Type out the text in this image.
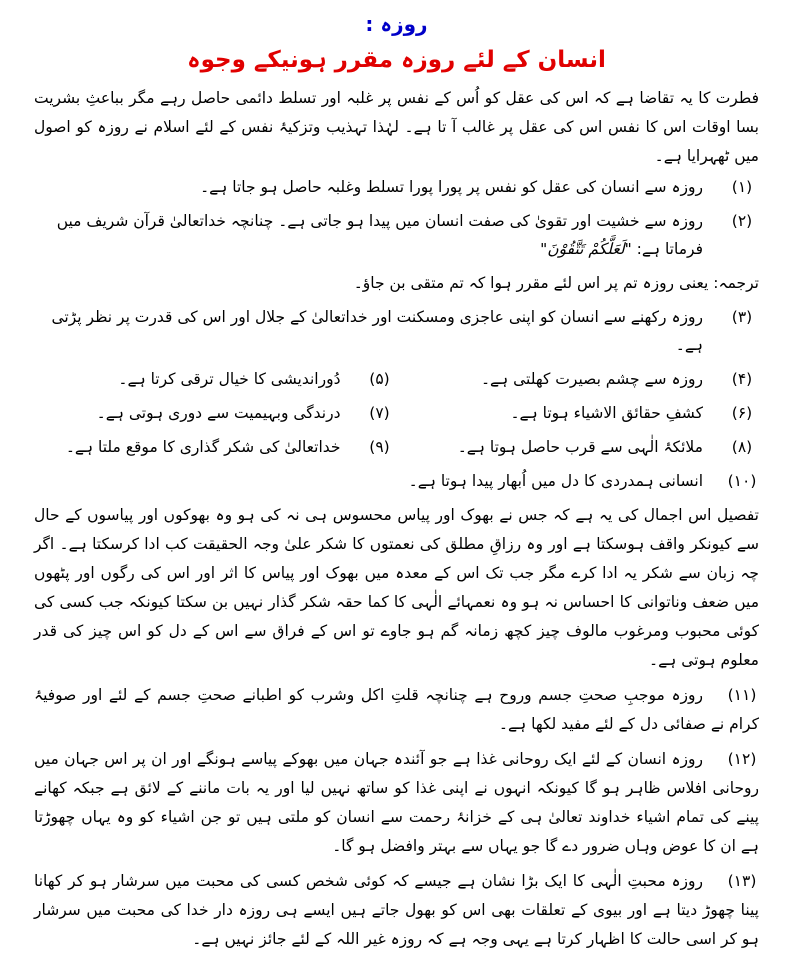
روزہ :
انسان کے لئے روزہ مقرر ہونیکے وجوہ

فطرت کا یہ تقاضا ہے کہ اس کی عقل کو اُس کے نفس پر غلبہ اور تسلط دائمی حاصل رہے مگر بباعثِ بشریت بسا اوقات اس کا نفس اس کی عقل پر غالب آ تا ہے۔ لہٰذا تہذیب وتزکیۂ نفس کے لئے اسلام نے روزہ کو اصول میں ٹھہرایا ہے۔

(۱)
روزہ سے انسان کی عقل کو نفس پر پورا پورا تسلط وغلبہ حاصل ہو جاتا ہے۔
(۲)
روزہ سے خشیت اور تقویٰ کی صفت انسان میں پیدا ہو جاتی ہے۔ چنانچہ خداتعالیٰ قرآن شریف میں فرماتا ہے: "لَعَلَّكُمْ تَتَّقُوْنَ"
ترجمہ: یعنی روزہ تم پر اس لئے مقرر ہوا کہ تم متقی بن جاؤ۔
(۳)
روزہ رکھنے سے انسان کو اپنی عاجزی ومسکنت اور خداتعالیٰ کے جلال اور اس کی قدرت پر نظر پڑتی ہے۔
(۴)
روزہ سے چشم بصیرت کھلتی ہے۔
(۵)
دُوراندیشی کا خیال ترقی کرتا ہے۔
(۶)
کشفِ حقائق الاشیاء ہوتا ہے۔
(۷)
درندگی وبہیمیت سے دوری ہوتی ہے۔
(۸)
ملائکۂ الٰہی سے قرب حاصل ہوتا ہے۔
(۹)
خداتعالیٰ کی شکر گذاری کا موقع ملتا ہے۔
(۱۰)
انسانی ہمدردی کا دل میں اُبھار پیدا ہوتا ہے۔

تفصیل اس اجمال کی یہ ہے کہ جس نے بھوک اور پیاس محسوس ہی نہ کی ہو وہ بھوکوں اور پیاسوں کے حال سے کیونکر واقف ہوسکتا ہے اور وہ رزاقِ مطلق کی نعمتوں کا شکر علیٰ وجہ الحقیقت کب ادا کرسکتا ہے۔ اگر چہ زبان سے شکر یہ ادا کرے مگر جب تک اس کے معدہ میں بھوک اور پیاس کا اثر اور اس کی رگوں اور پٹھوں میں ضعف وناتوانی کا احساس نہ ہو وہ نعمہائے الٰہی کا کما حقہ شکر گذار نہیں بن سکتا کیونکہ جب کسی کی کوئی محبوب ومرغوب مالوف چیز کچھ زمانہ گم ہو جاوے تو اس کے فراق سے اس کے دل کو اس چیز کی قدر معلوم ہوتی ہے۔

(۱۱)روزہ موجبِ صحتِ جسم وروح ہے چنانچہ قلتِ اکل وشرب کو اطبانے صحتِ جسم کے لئے اور صوفیۂ کرام نے صفائی دل کے لئے مفید لکھا ہے۔

(۱۲)روزہ انسان کے لئے ایک روحانی غذا ہے جو آئندہ جہان میں بھوکے پیاسے ہونگے اور ان پر اس جہان میں روحانی افلاس ظاہر ہو گا کیونکہ انہوں نے اپنی غذا کو ساتھ نہیں لیا اور یہ بات ماننے کے لائق ہے جبکہ کھانے پینے کی تمام اشیاء خداوند تعالیٰ ہی کے خزانۂ رحمت سے انسان کو ملتی ہیں تو جن اشیاء کو وہ یہاں چھوڑتا ہے ان کا عوض وہاں ضرور دے گا جو یہاں سے بہتر وافضل ہو گا۔

(۱۳)روزہ محبتِ الٰہی کا ایک بڑا نشان ہے جیسے کہ کوئی شخص کسی کی محبت میں سرشار ہو کر کھانا پینا چھوڑ دیتا ہے اور بیوی کے تعلقات بھی اس کو بھول جاتے ہیں ایسے ہی روزہ دار خدا کی محبت میں سرشار ہو کر اسی حالت کا اظہار کرتا ہے یہی وجہ ہے کہ روزہ غیر اللہ کے لئے جائز نہیں ہے۔
